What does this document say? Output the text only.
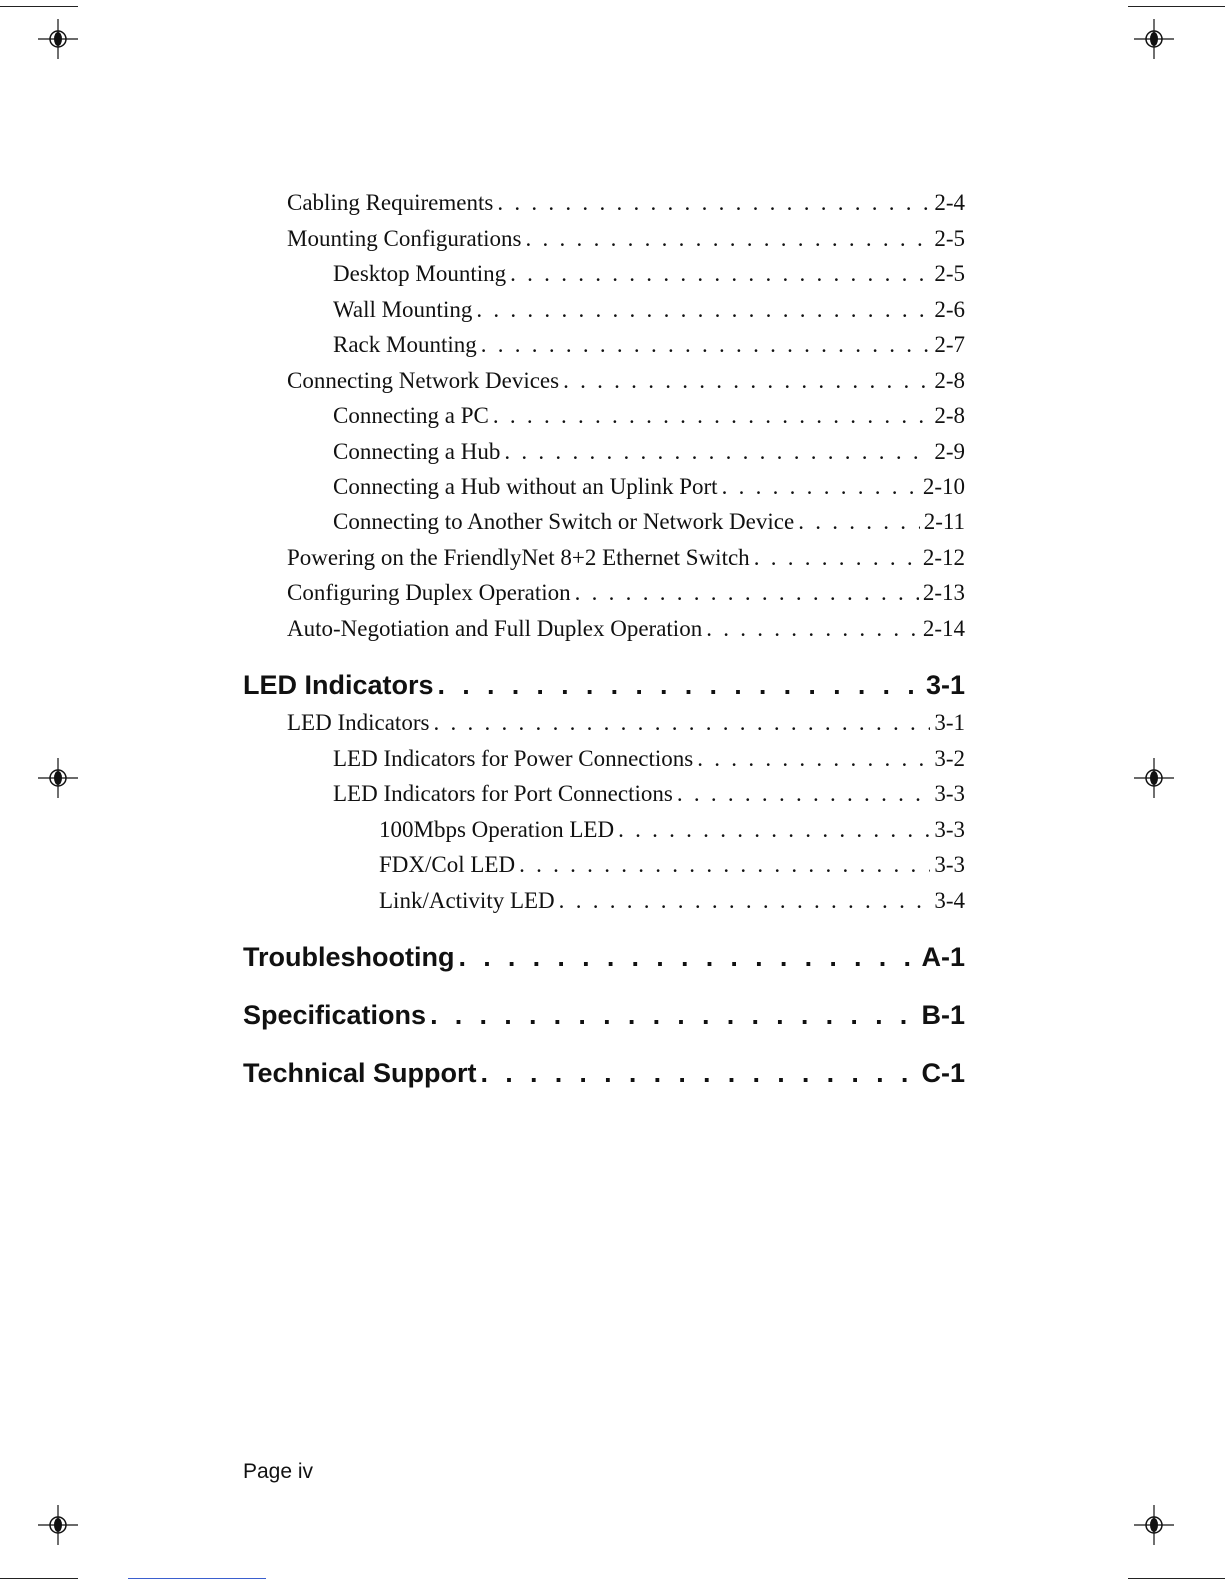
Cabling Requirements . . .	2-4
Mounting Configurations . . .	2-5
Desktop Mounting . . .	2-5
Wall Mounting . . .	2-6
Rack Mounting . . .	2-7
Connecting Network Devices . . .	2-8
Connecting a PC . . .	2-8
Connecting a Hub . . .	2-9
Connecting a Hub without an Uplink Port . . .	2-10
Connecting to Another Switch or Network Device . . .	2-11
Powering on the FriendlyNet 8+2 Ethernet Switch . . .	2-12
Configuring Duplex Operation . . .	2-13
Auto-Negotiation and Full Duplex Operation . . .	2-14
LED Indicators . . .	3-1
LED Indicators . . .	3-1
LED Indicators for Power Connections . . .	3-2
LED Indicators for Port Connections . . .	3-3
100Mbps Operation LED . . .	3-3
FDX/Col LED . . .	3-3
Link/Activity LED . . .	3-4
Troubleshooting . . .	A-1
Specifications . . .	B-1
Technical Support . . .	C-1
Page iv
